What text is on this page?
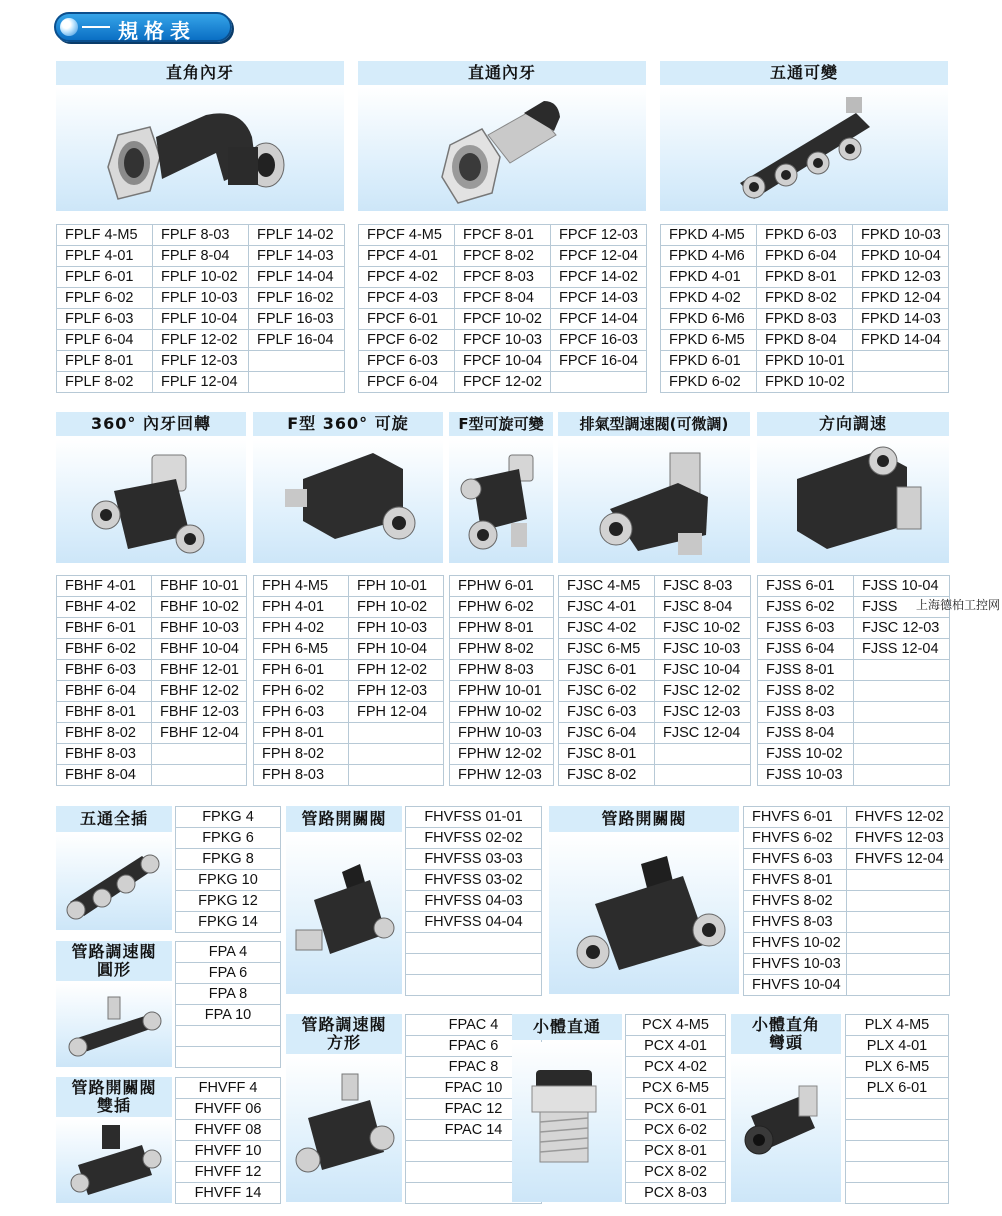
規格表
直角內牙
FPLF 4-M5	FPLF 8-03	FPLF 14-02
FPLF 4-01	FPLF 8-04	FPLF 14-03
FPLF 6-01	FPLF 10-02	FPLF 14-04
FPLF 6-02	FPLF 10-03	FPLF 16-02
FPLF 6-03	FPLF 10-04	FPLF 16-03
FPLF 6-04	FPLF 12-02	FPLF 16-04
FPLF 8-01	FPLF 12-03	
FPLF 8-02	FPLF 12-04	
直通內牙
FPCF 4-M5	FPCF 8-01	FPCF 12-03
FPCF 4-01	FPCF 8-02	FPCF 12-04
FPCF 4-02	FPCF 8-03	FPCF 14-02
FPCF 4-03	FPCF 8-04	FPCF 14-03
FPCF 6-01	FPCF 10-02	FPCF 14-04
FPCF 6-02	FPCF 10-03	FPCF 16-03
FPCF 6-03	FPCF 10-04	FPCF 16-04
FPCF 6-04	FPCF 12-02	
五通可變
FPKD 4-M5	FPKD 6-03	FPKD 10-03
FPKD 4-M6	FPKD 6-04	FPKD 10-04
FPKD 4-01	FPKD 8-01	FPKD 12-03
FPKD 4-02	FPKD 8-02	FPKD 12-04
FPKD 6-M6	FPKD 8-03	FPKD 14-03
FPKD 6-M5	FPKD 8-04	FPKD 14-04
FPKD 6-01	FPKD 10-01	
FPKD 6-02	FPKD 10-02	
360° 內牙回轉
FBHF 4-01	FBHF 10-01
FBHF 4-02	FBHF 10-02
FBHF 6-01	FBHF 10-03
FBHF 6-02	FBHF 10-04
FBHF 6-03	FBHF 12-01
FBHF 6-04	FBHF 12-02
FBHF 8-01	FBHF 12-03
FBHF 8-02	FBHF 12-04
FBHF 8-03	
FBHF 8-04	
F型 360° 可旋
FPH 4-M5	FPH 10-01
FPH 4-01	FPH 10-02
FPH 4-02	FPH 10-03
FPH 6-M5	FPH 10-04
FPH 6-01	FPH 12-02
FPH 6-02	FPH 12-03
FPH 6-03	FPH 12-04
FPH 8-01	
FPH 8-02	
FPH 8-03	
F型可旋可變
FPHW 6-01
FPHW 6-02
FPHW 8-01
FPHW 8-02
FPHW 8-03
FPHW 10-01
FPHW 10-02
FPHW 10-03
FPHW 12-02
FPHW 12-03
排氣型調速閥(可微調)
FJSC 4-M5	FJSC 8-03
FJSC 4-01	FJSC 8-04
FJSC 4-02	FJSC 10-02
FJSC 6-M5	FJSC 10-03
FJSC 6-01	FJSC 10-04
FJSC 6-02	FJSC 12-02
FJSC 6-03	FJSC 12-03
FJSC 6-04	FJSC 12-04
FJSC 8-01	
FJSC 8-02	
方向調速
FJSS 6-01	FJSS 10-04
FJSS 6-02	FJSS
FJSS 6-03	FJSC 12-03
FJSS 6-04	FJSS 12-04
FJSS 8-01	
FJSS 8-02	
FJSS 8-03	
FJSS 8-04	
FJSS 10-02	
FJSS 10-03	
上海德柏工控网
五通全插	FPKG 4
FPKG 6
FPKG 8
FPKG 10
FPKG 12
FPKG 14
管路調速閥
圓形
FPA 4
FPA 6
FPA 8
FPA 10

管路開關閥
雙插
FHVFF 4
FHVFF 06
FHVFF 08
FHVFF 10
FHVFF 12
FHVFF 14
管路開關閥	FHVFSS 01-01
FHVFSS 02-02
FHVFSS 03-03
FHVFSS 03-02
FHVFSS 04-03
FHVFSS 04-04

管路調速閥
方形
FPAC 4
FPAC 6
FPAC 8
FPAC 10
FPAC 12
FPAC 14

管路開關閥	FHVFS 6-01	FHVFS 12-02
FHVFS 6-02	FHVFS 12-03
FHVFS 6-03	FHVFS 12-04
FHVFS 8-01	
FHVFS 8-02	
FHVFS 8-03	
FHVFS 10-02	
FHVFS 10-03	
FHVFS 10-04	
小體直通	PCX 4-M5
PCX 4-01
PCX 4-02
PCX 6-M5
PCX 6-01
PCX 6-02
PCX 8-01
PCX 8-02
PCX 8-03
小體直角
彎頭
PLX 4-M5
PLX 4-01
PLX 6-M5
PLX 6-01
